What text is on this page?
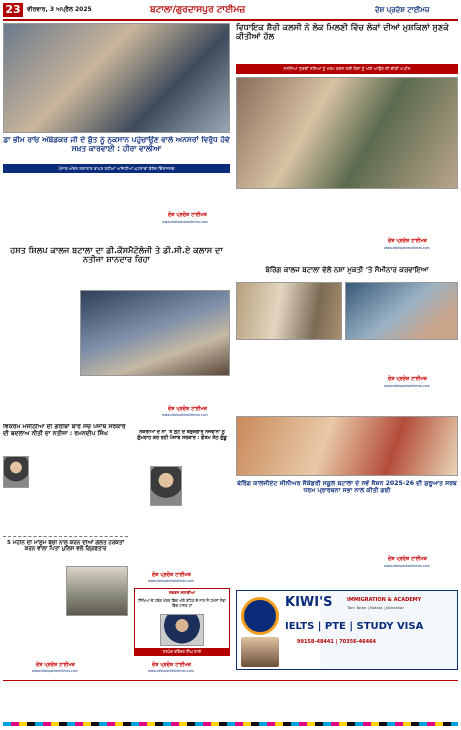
23	ਵੀਰਵਾਰ, 3 ਅਪ੍ਰੈਲ 2025	ਬਟਾਲਾ/ਗੁਰਦਾਸਪੁਰ ਟਾਈਮਜ਼	ਦੇਸ਼ ਪ੍ਰਦੇਸ਼ ਟਾਈਮਜ਼
ਡਾ ਭੀਮ ਰਾਓ ਅੰਬੇਡਕਰ ਜੀ ਦੇ ਬੁੱਤ ਨੂੰ ਨੁਕਸਾਨ ਪਹੁੰਚਾਉਣ ਵਾਲੇ ਅਨਸਰਾਂ ਵਿਰੁੱਧ ਹੋਵੇ ਸਖ਼ਤ ਕਾਰਵਾਈ : ਹੀਰਾ ਵਾਲੀਆ
ਪੰਜਾਬ ਅੰਦਰ ਲਗਾਤਾਰ ਵਾਪਰ ਰਹੀਆਂ ਅਜਿਹੀਆਂ ਘਟਨਾਵਾਂ ਬੇਹੱਦ ਚਿੰਤਾਜਨਕ
ਦੇਸ਼ ਪ੍ਰਦੇਸ਼ ਟਾਈਮਜ਼
www.deshpardeshtimes.com
ਵਿਧਾਇਕ ਸ਼ੈਰੀ ਕਲਸੀ ਨੇ ਲੋਕ ਮਿਲਣੀ ਵਿੱਚ ਲੋਕਾਂ ਦੀਆਂ ਮੁਸ਼ਕਿਲਾਂ ਸੁਣਕੇ ਕੀਤੀਆਂ ਹੱਲ
ਸਮੱਸਿਆ ਸੁਣਦੀ ਨਸ਼ਿਆਂ ਨੂੰ ਖਤਮ ਕਰਨ ਲਈ ਲੋਕਾਂ ਨੂੰ ਅੱਗੇ ਆਉਣ ਦੀ ਕੀਤੀ ਅਪੀਲ
ਦੇਸ਼ ਪ੍ਰਦੇਸ਼ ਟਾਈਮਜ਼
www.deshpardeshtimes.com
ਹਸਤ ਸ਼ਿਲਪ ਕਾਲਜ ਬਟਾਲਾ ਦਾ ਡੀ.ਕੌਸਮੈਟੋਲੋਜੀ ਤੇ ਡੀ.ਸੀ.ਏ ਕਲਾਸ ਦਾ ਨਤੀਜਾ ਸ਼ਾਨਦਾਰ ਰਿਹਾ
ਦੇਸ਼ ਪ੍ਰਦੇਸ਼ ਟਾਈਮਜ਼
www.deshpardeshtimes.com
ਵਿਕਰਮ ਮਜੀਠੀਆ ਦੀ ਗਰੀਬਾਂ ਬਾਰੇ ਸੋਚ ਪੰਜਾਬ ਸਰਕਾਰ ਦੀ ਬਦਲਾਅ ਨੀਤੀ ਦਾ ਨਤੀਜਾ : ਰਮਨਦੀਪ ਸਿੰਘ
5 ਮਹੀਨੇ ਦੀ ਮਾਸੂਮ ਬੱਚੀ ਨਾਲ ਕਰਨ ਦੀਆਂ ਗਲਤ ਹਰਕਤਾਂ ਕਰਨ ਵਾਲਾ ਪਿਤਾ ਪੁਲਿਸ ਵਲੋਂ ਗ੍ਰਿਫਤਾਰ
ਦੇਸ਼ ਪ੍ਰਦੇਸ਼ ਟਾਈਮਜ਼
www.deshpardeshtimes.com
ਨੌਕਰੀਆਂ ਦੇ ਨਾਂ 'ਤੇ ਲੁੱਟ ਦੇ ਬੇਰੁਜ਼ਗਾਰ ਨੌਜਵਾਨਾਂ ਨੂੰ ਗੁੰਮਰਾਹ ਕਰ ਰਹੀ ਪੰਜਾਬ ਸਰਕਾਰ : ਗੌਤਮ ਸੇਠ ਗੁੱਡੂ
ਦੇਸ਼ ਪ੍ਰਦੇਸ਼ ਟਾਈਮਜ਼
www.deshpardeshtimes.com
ਸਵਰਨ ਸਲਾਰੀਆ
ਸਿੱਖਿਆ ਦੇ ਹਰੇਕ ਖੇਤਰ ਵਿੱਚ ਅੱਗੇ ਰਹਿਣ ਦੇ ਨਾਲ ਮੈਂ ਹਮੇਸ਼ਾਂ ਸੇਵਾ ਵਿੱਚ ਹਾਜ਼ਰ ਹਾਂ
ਸਰਪੰਚ ਰਵਿੰਦਰ ਸਿੰਘ ਲਾਲੀ
ਦੇਸ਼ ਪ੍ਰਦੇਸ਼ ਟਾਈਮਜ਼
www.deshpardeshtimes.com
ਬੇਰਿੰਗ ਕਾਲਜ ਬਟਾਲਾ ਵੱਲੋਂ ਨਸ਼ਾ ਮੁਕਤੀ 'ਤੇ ਸੈਮੀਨਾਰ ਕਰਵਾਇਆ
ਦੇਸ਼ ਪ੍ਰਦੇਸ਼ ਟਾਈਮਜ਼
www.deshpardeshtimes.com
ਬੇਰਿੰਗ ਕਾਲਜੀਏਟ ਸੀਨੀਅਰ ਸੈਕੰਡਰੀ ਸਕੂਲ ਬਟਾਲਾ ਦੇ ਨਵੇਂ ਸੈਸ਼ਨ 2025-26 ਦੀ ਸ਼ੁਰੂਆਤ ਸਰਬ ਧਰਮ ਪ੍ਰਾਰਥਨਾ ਸਭਾ ਨਾਲ ਕੀਤੀ ਗਈ
ਦੇਸ਼ ਪ੍ਰਦੇਸ਼ ਟਾਈਮਜ਼
www.deshpardeshtimes.com
KIWI'S	IMMIGRATION & ACADEMY
Tarn Taran | Batala | Jalandhar
IELTS | PTE | STUDY VISA
99158-48441 | 70356-46464
